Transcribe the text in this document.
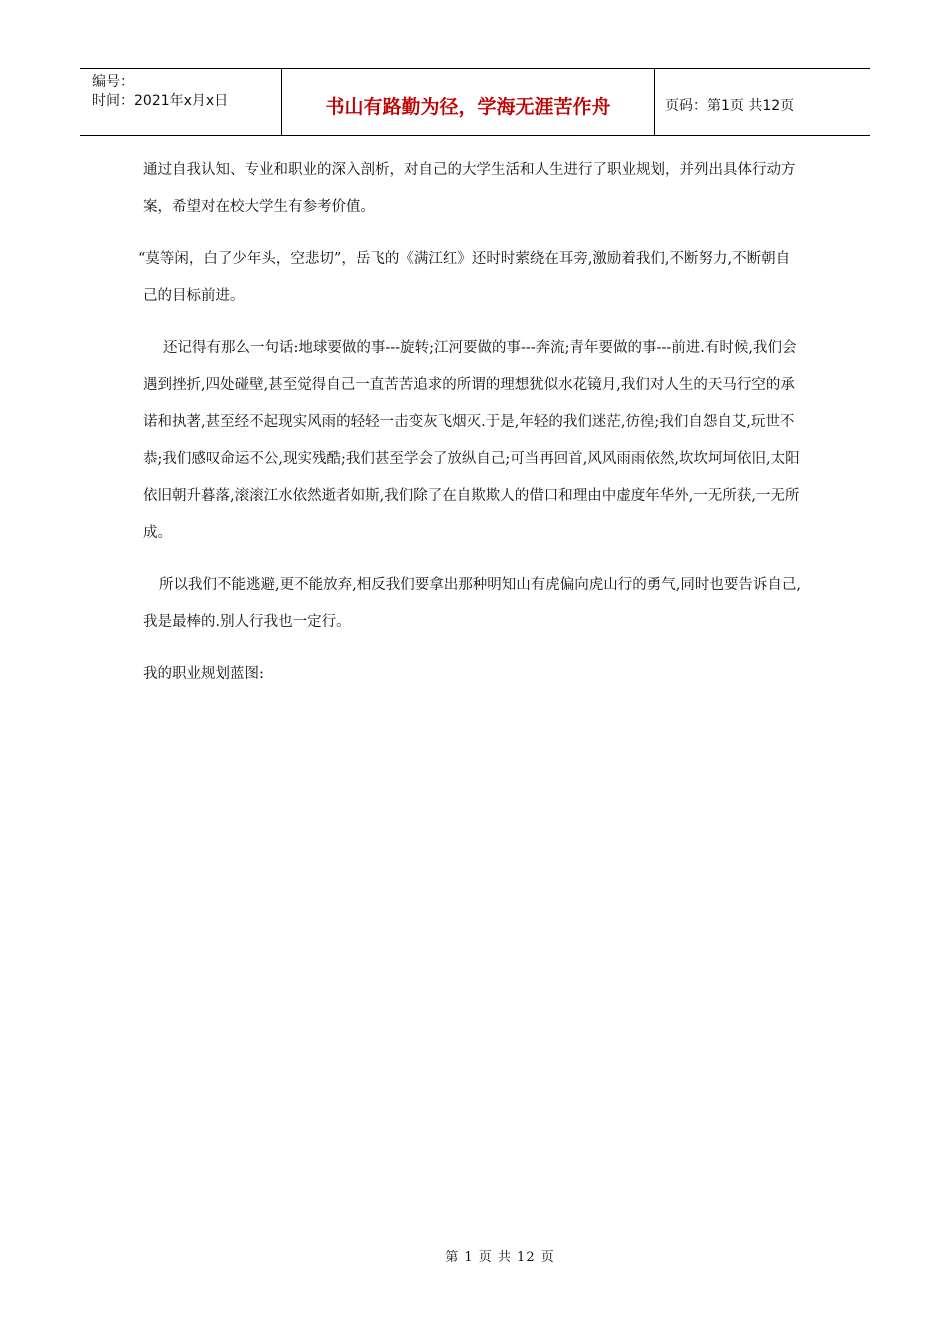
编号：
时间：2021年x月x日	书山有路勤为径，学海无涯苦作舟	页码：第1页 共12页

通过自我认知、专业和职业的深入剖析，对自己的大学生活和人生进行了职业规划，并列出具体行动方案，希望对在校大学生有参考价值。

“莫等闲，白了少年头，空悲切”，岳飞的《满江红》还时时萦绕在耳旁,激励着我们,不断努力,不断朝自己的目标前进。

还记得有那么一句话:地球要做的事---旋转;江河要做的事---奔流;青年要做的事---前进.有时候,我们会遇到挫折,四处碰壁,甚至觉得自己一直苦苦追求的所谓的理想犹似水花镜月,我们对人生的天马行空的承诺和执著,甚至经不起现实风雨的轻轻一击变灰飞烟灭.于是,年轻的我们迷茫,彷徨;我们自怨自艾,玩世不恭;我们感叹命运不公,现实残酷;我们甚至学会了放纵自己;可当再回首,风风雨雨依然,坎坎坷坷依旧,太阳依旧朝升暮落,滚滚江水依然逝者如斯,我们除了在自欺欺人的借口和理由中虚度年华外,一无所获,一无所成。

所以我们不能逃避,更不能放弃,相反我们要拿出那种明知山有虎偏向虎山行的勇气,同时也要告诉自己,我是最棒的.别人行我也一定行。

我的职业规划蓝图:

第 1 页 共 12 页
